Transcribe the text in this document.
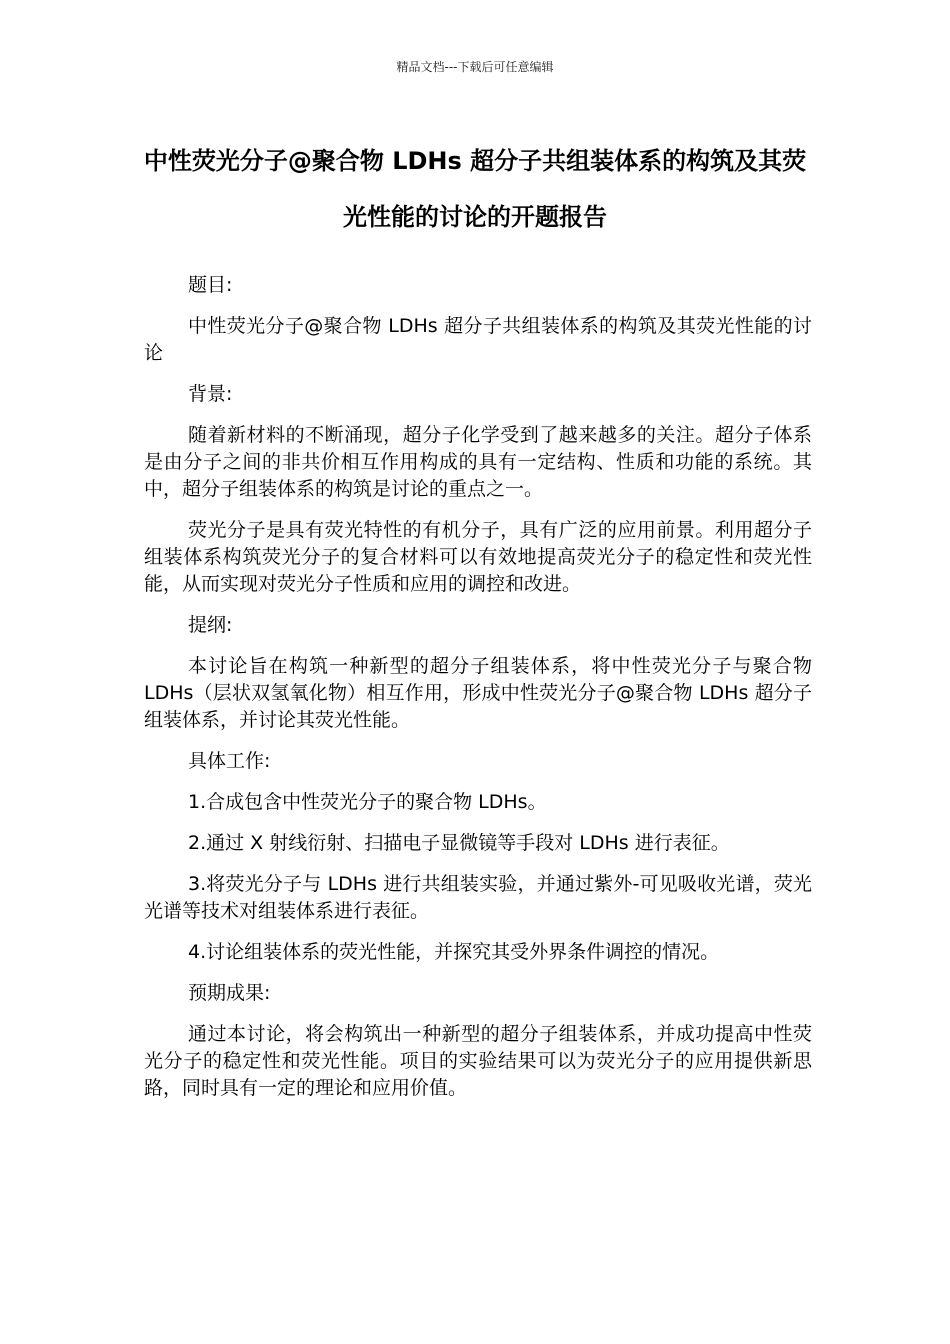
精品文档---下载后可任意编辑
中性荧光分子@聚合物 LDHs 超分子共组装体系的构筑及其荧光性能的讨论的开题报告

题目:

中性荧光分子@聚合物 LDHs 超分子共组装体系的构筑及其荧光性能的讨论

背景:

随着新材料的不断涌现，超分子化学受到了越来越多的关注。超分子体系是由分子之间的非共价相互作用构成的具有一定结构、性质和功能的系统。其中，超分子组装体系的构筑是讨论的重点之一。

荧光分子是具有荧光特性的有机分子，具有广泛的应用前景。利用超分子组装体系构筑荧光分子的复合材料可以有效地提高荧光分子的稳定性和荧光性能，从而实现对荧光分子性质和应用的调控和改进。

提纲:

本讨论旨在构筑一种新型的超分子组装体系，将中性荧光分子与聚合物 LDHs（层状双氢氧化物）相互作用，形成中性荧光分子@聚合物 LDHs 超分子组装体系，并讨论其荧光性能。

具体工作:

1.合成包含中性荧光分子的聚合物 LDHs。

2.通过 X 射线衍射、扫描电子显微镜等手段对 LDHs 进行表征。

3.将荧光分子与 LDHs 进行共组装实验，并通过紫外-可见吸收光谱，荧光光谱等技术对组装体系进行表征。

4.讨论组装体系的荧光性能，并探究其受外界条件调控的情况。

预期成果:

通过本讨论，将会构筑出一种新型的超分子组装体系，并成功提高中性荧光分子的稳定性和荧光性能。项目的实验结果可以为荧光分子的应用提供新思路，同时具有一定的理论和应用价值。
